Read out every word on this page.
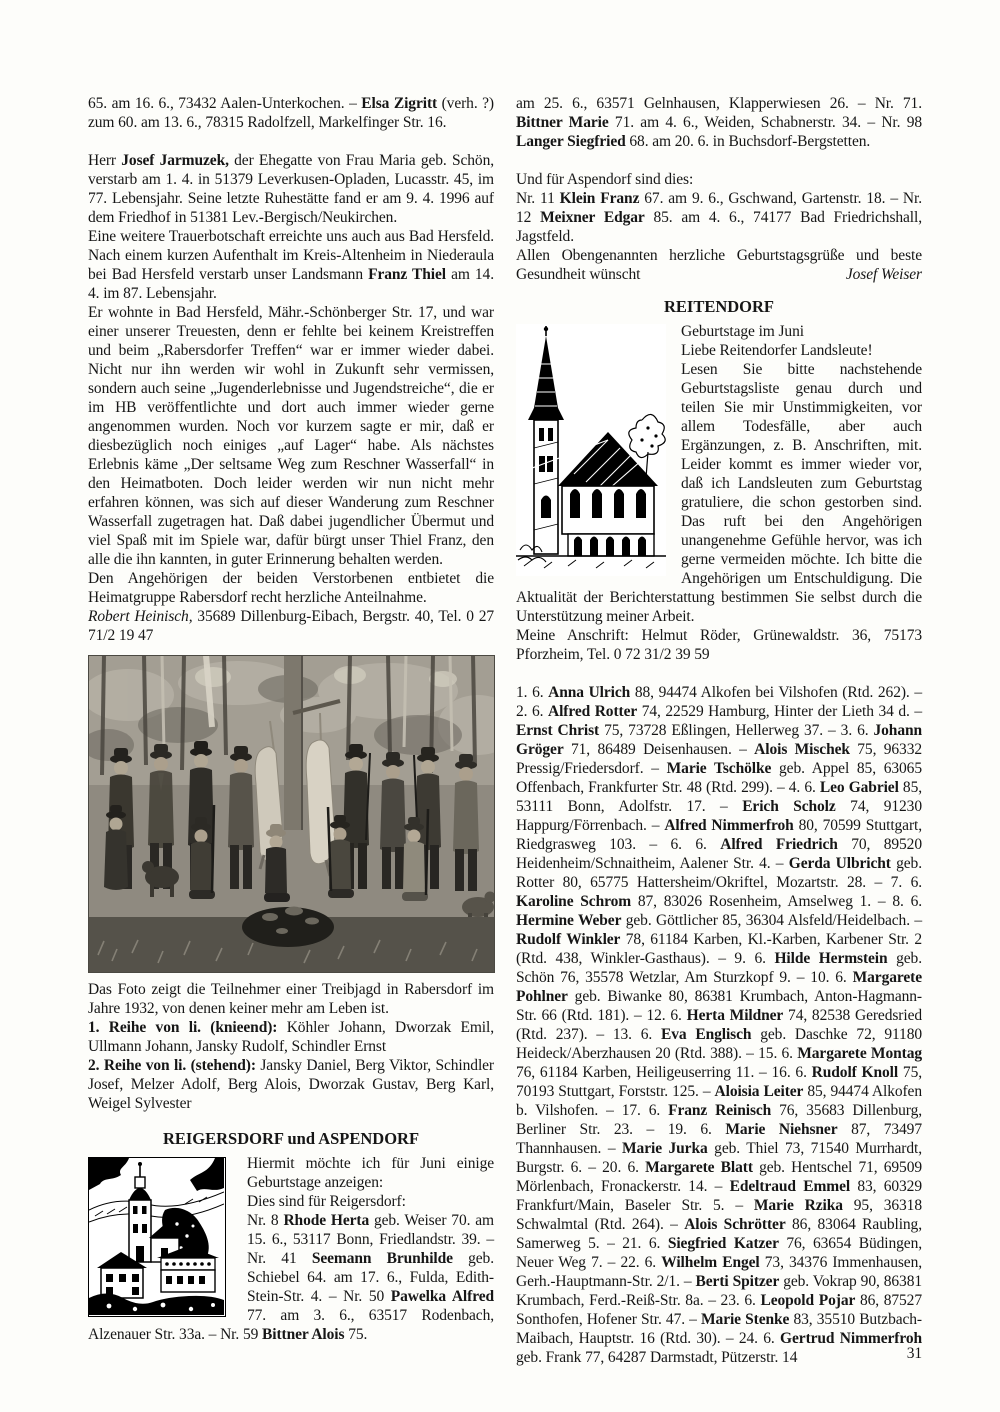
65. am 16. 6., 73432 Aalen-Unterkochen. – Elsa Zigritt (verh. ?) zum 60. am 13. 6., 78315 Radolfzell, Markelfinger Str. 16.

Herr Josef Jarmuzek, der Ehegatte von Frau Maria geb. Schön, verstarb am 1. 4. in 51379 Leverkusen-Opladen, Lucasstr. 45, im 77. Lebensjahr. Seine letzte Ruhestätte fand er am 9. 4. 1996 auf dem Friedhof in 51381 Lev.-Bergisch/Neukirchen.

Eine weitere Trauerbotschaft erreichte uns auch aus Bad Hersfeld. Nach einem kurzen Aufenthalt im Kreis-Altenheim in Niederaula bei Bad Hersfeld verstarb unser Landsmann Franz Thiel am 14. 4. im 87. Lebensjahr.

Er wohnte in Bad Hersfeld, Mähr.-Schönberger Str. 17, und war einer unserer Treuesten, denn er fehlte bei keinem Kreistreffen und beim „Rabersdorfer Treffen“ war er immer wieder dabei. Nicht nur ihn werden wir wohl in Zukunft sehr vermissen, sondern auch seine „Jugenderlebnisse und Jugendstreiche“, die er im HB veröffentlichte und dort auch immer wieder gerne angenommen wurden. Noch vor kurzem sagte er mir, daß er diesbezüglich noch einiges „auf Lager“ habe. Als nächstes Erlebnis käme „Der seltsame Weg zum Reschner Wasserfall“ in den Heimatboten. Doch leider werden wir nun nicht mehr erfahren können, was sich auf dieser Wanderung zum Reschner Wasserfall zugetragen hat. Daß dabei jugendlicher Übermut und viel Spaß mit im Spiele war, dafür bürgt unser Thiel Franz, den alle die ihn kannten, in guter Erinnerung behalten werden.

Den Angehörigen der beiden Verstorbenen entbietet die Heimatgruppe Rabersdorf recht herzliche Anteilnahme.

Robert Heinisch, 35689 Dillenburg-Eibach, Bergstr. 40, Tel. 0 27 71/2 19 47

Das Foto zeigt die Teilnehmer einer Treibjagd in Rabersdorf im Jahre 1932, von denen keiner mehr am Leben ist.

1. Reihe von li. (knieend): Köhler Johann, Dworzak Emil, Ullmann Johann, Jansky Rudolf, Schindler Ernst

2. Reihe von li. (stehend): Jansky Daniel, Berg Viktor, Schindler Josef, Melzer Adolf, Berg Alois, Dworzak Gustav, Berg Karl, Weigel Sylvester

REIGERSDORF und ASPENDORF

Hiermit möchte ich für Juni einige Geburtstage anzeigen:
Dies sind für Reigersdorf:
Nr. 8 Rhode Herta geb. Weiser 70. am 15. 6., 53117 Bonn, Friedlandstr. 39. – Nr. 41 Seemann Brunhilde geb. Schiebel 64. am 17. 6., Fulda, Edith-Stein-Str. 4. – Nr. 50 Pawelka Alfred 77. am 3. 6., 63517 Rodenbach, Alzenauer Str. 33a. – Nr. 59 Bittner Alois 75.

am 25. 6., 63571 Gelnhausen, Klapperwiesen 26. – Nr. 71. Bittner Marie 71. am 4. 6., Weiden, Schabnerstr. 34. – Nr. 98 Langer Siegfried 68. am 20. 6. in Buchsdorf-Bergstetten.

Und für Aspendorf sind dies:

Nr. 11 Klein Franz 67. am 9. 6., Gschwand, Gartenstr. 18. – Nr. 12 Meixner Edgar 85. am 4. 6., 74177 Bad Friedrichshall, Jagstfeld.

Allen Obengenannten herzliche Geburtstagsgrüße und beste Gesundheit wünscht	Josef Weiser

REITENDORF

Geburtstage im Juni
Liebe Reitendorfer Landsleute!
Lesen Sie bitte nachstehende Geburtstagsliste genau durch und teilen Sie mir Unstimmigkeiten, vor allem Todesfälle, aber auch Ergänzungen, z. B. Anschriften, mit. Leider kommt es immer wieder vor, daß ich Landsleuten zum Geburtstag gratuliere, die schon gestorben sind. Das ruft bei den Angehörigen unangenehme Gefühle hervor, was ich gerne vermeiden möchte. Ich bitte die Angehörigen um Entschuldigung. Die Aktualität der Berichterstattung bestimmen Sie selbst durch die Unterstützung meiner Arbeit.

Meine Anschrift: Helmut Röder, Grünewaldstr. 36, 75173 Pforzheim, Tel. 0 72 31/2 39 59

1. 6. Anna Ulrich 88, 94474 Alkofen bei Vilshofen (Rtd. 262). – 2. 6. Alfred Rotter 74, 22529 Hamburg, Hinter der Lieth 34 d. – Ernst Christ 75, 73728 Eßlingen, Hellerweg 37. – 3. 6. Johann Gröger 71, 86489 Deisenhausen. – Alois Mischek 75, 96332 Pressig/Friedersdorf. – Marie Tschölke geb. Appel 85, 63065 Offenbach, Frankfurter Str. 48 (Rtd. 299). – 4. 6. Leo Gabriel 85, 53111 Bonn, Adolfstr. 17. – Erich Scholz 74, 91230 Happurg/Förrenbach. – Alfred Nimmerfroh 80, 70599 Stuttgart, Riedgrasweg 103. – 6. 6. Alfred Friedrich 70, 89520 Heidenheim/Schnaitheim, Aalener Str. 4. – Gerda Ulbricht geb. Rotter 80, 65775 Hattersheim/Okriftel, Mozartstr. 28. – 7. 6. Karoline Schrom 87, 83026 Rosenheim, Amselweg 1. – 8. 6. Hermine Weber geb. Göttlicher 85, 36304 Alsfeld/Heidelbach. – Rudolf Winkler 78, 61184 Karben, Kl.-Karben, Karbener Str. 2 (Rtd. 438, Winkler-Gasthaus). – 9. 6. Hilde Hermstein geb. Schön 76, 35578 Wetzlar, Am Sturzkopf 9. – 10. 6. Margarete Pohlner geb. Biwanke 80, 86381 Krumbach, Anton-Hagmann-Str. 66 (Rtd. 181). – 12. 6. Herta Mildner 74, 82538 Geredsried (Rtd. 237). – 13. 6. Eva Englisch geb. Daschke 72, 91180 Heideck/Aberzhausen 20 (Rtd. 388). – 15. 6. Margarete Montag 76, 61184 Karben, Heiligeuserring 11. – 16. 6. Rudolf Knoll 75, 70193 Stuttgart, Forststr. 125. – Aloisia Leiter 85, 94474 Alkofen b. Vilshofen. – 17. 6. Franz Reinisch 76, 35683 Dillenburg, Berliner Str. 23. – 19. 6. Marie Niehsner 87, 73497 Thannhausen. – Marie Jurka geb. Thiel 73, 71540 Murrhardt, Burgstr. 6. – 20. 6. Margarete Blatt geb. Hentschel 71, 69509 Mörlenbach, Fronackerstr. 14. – Edeltraud Emmel 83, 60329 Frankfurt/Main, Baseler Str. 5. – Marie Rzika 95, 36318 Schwalmtal (Rtd. 264). – Alois Schrötter 86, 83064 Raubling, Samerweg 5. – 21. 6. Siegfried Katzer 76, 63654 Büdingen, Neuer Weg 7. – 22. 6. Wilhelm Engel 73, 34376 Immenhausen, Gerh.-Hauptmann-Str. 2/1. – Berti Spitzer geb. Vokrap 90, 86381 Krumbach, Ferd.-Reiß-Str. 8a. – 23. 6. Leopold Pojar 86, 87527 Sonthofen, Hofener Str. 47. – Marie Stenke 83, 35510 Butzbach-Maibach, Hauptstr. 16 (Rtd. 30). – 24. 6. Gertrud Nimmerfroh geb. Frank 77, 64287 Darmstadt, Pützerstr. 14	31
